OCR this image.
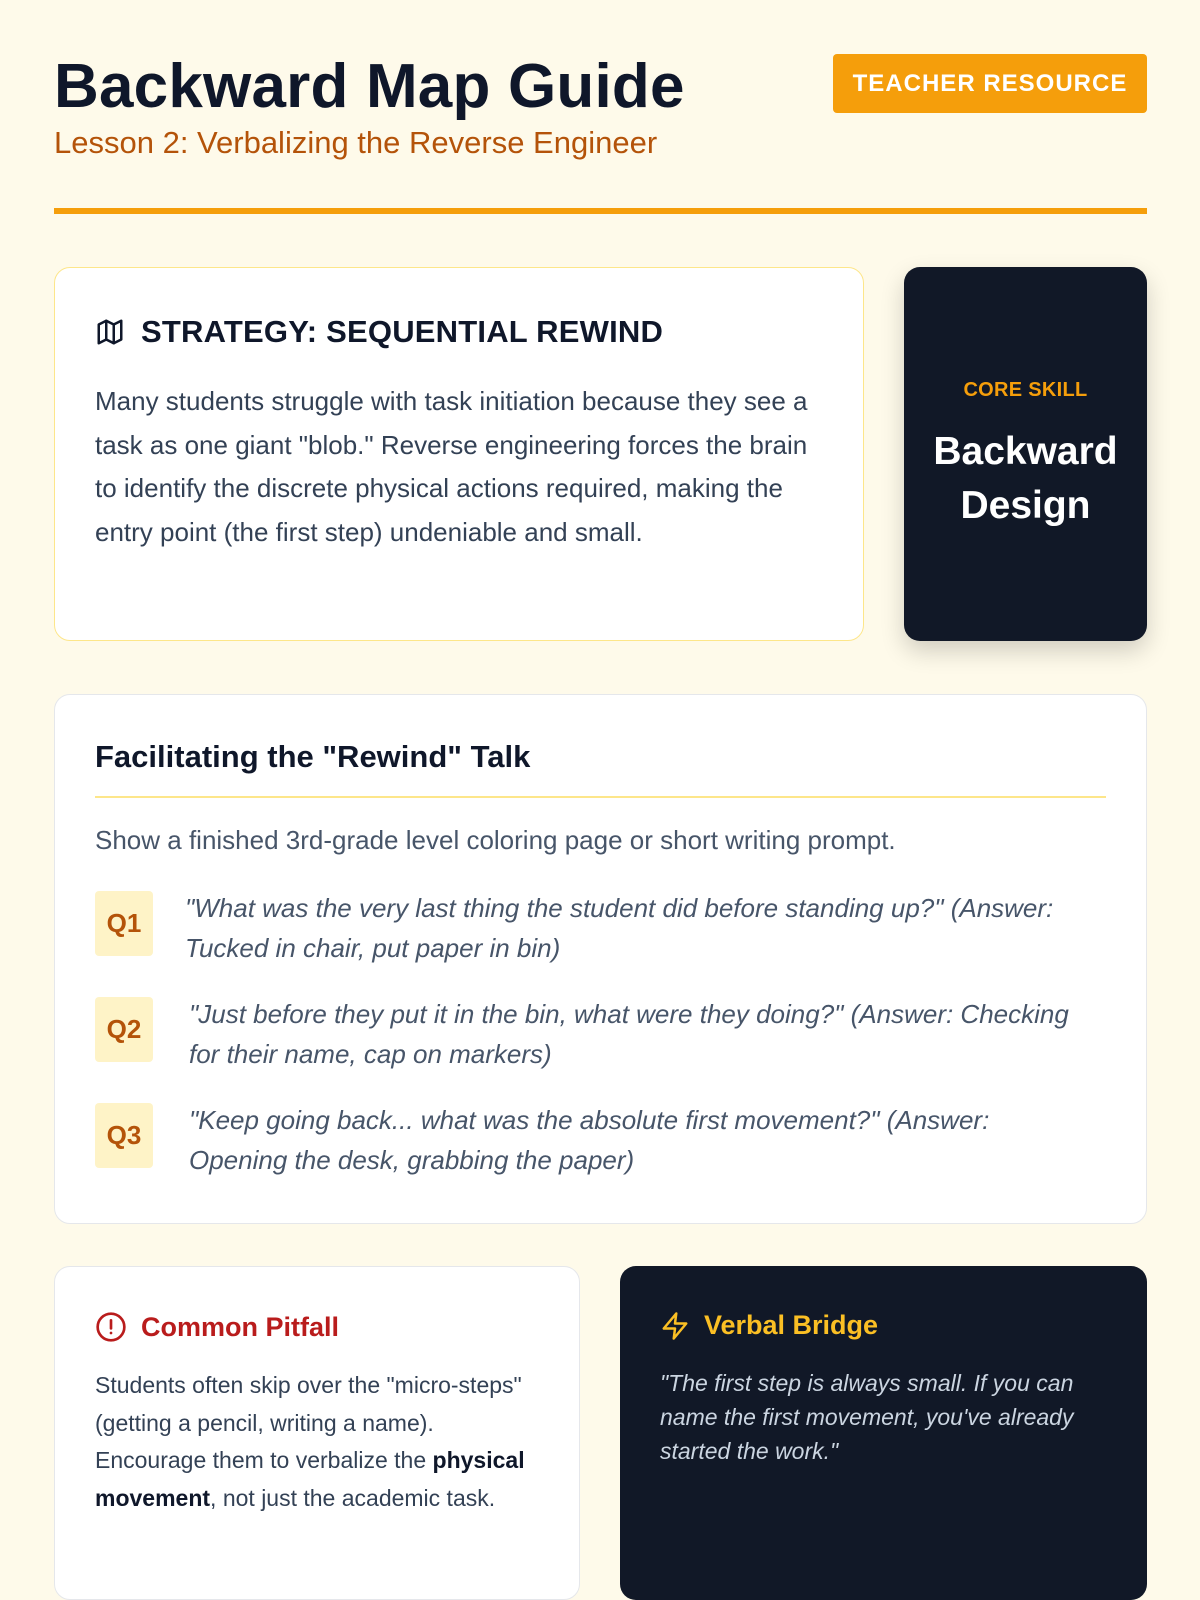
Backward Map Guide
Lesson 2: Verbalizing the Reverse Engineer
TEACHER RESOURCE
STRATEGY: SEQUENTIAL REWIND

Many students struggle with task initiation because they see a task as one giant "blob." Reverse engineering forces the brain to identify the discrete physical actions required, making the entry point (the first step) undeniable and small.

CORE SKILL
Backward Design
Facilitating the "Rewind" Talk

Show a finished 3rd-grade level coloring page or short writing prompt.

Q1	"What was the very last thing the student did before standing up?" (Answer: Tucked in chair, put paper in bin)

Q2	"Just before they put it in the bin, what were they doing?" (Answer: Checking for their name, cap on markers)

Q3	"Keep going back... what was the absolute first movement?" (Answer: Opening the desk, grabbing the paper)

Common Pitfall

Students often skip over the "micro-steps" (getting a pencil, writing a name). Encourage them to verbalize the physical movement, not just the academic task.

Verbal Bridge

"The first step is always small. If you can name the first movement, you've already started the work."
